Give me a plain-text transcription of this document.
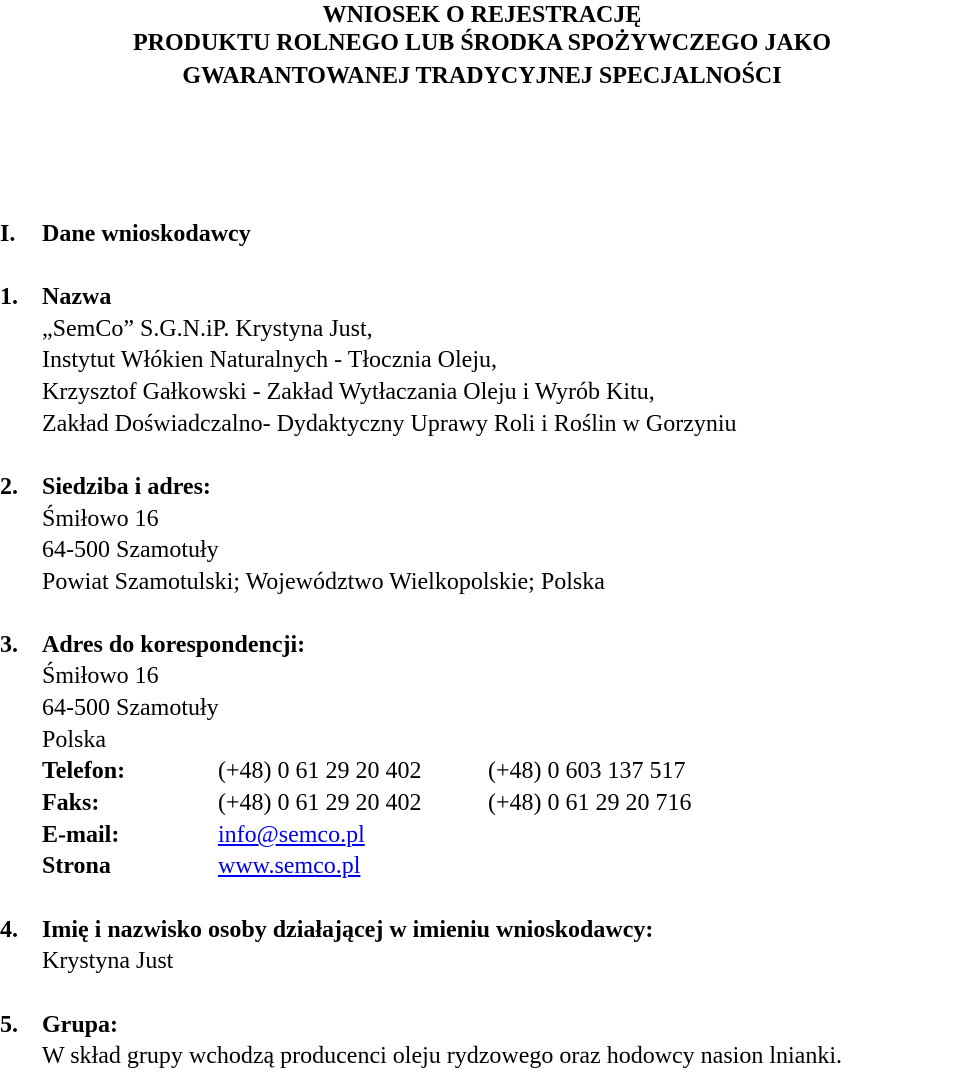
WNIOSEK O REJESTRACJĘ
PRODUKTU ROLNEGO LUB ŚRODKA SPOŻYWCZEGO JAKO
GWARANTOWANEJ TRADYCYJNEJ SPECJALNOŚCI
I. Dane wnioskodawcy
1. Nazwa
„SemCo” S.G.N.iP. Krystyna Just,
Instytut Włókien Naturalnych - Tłocznia Oleju,
Krzysztof Gałkowski - Zakład Wytłaczania Oleju i Wyrób Kitu,
Zakład Doświadczalno- Dydaktyczny Uprawy Roli i Roślin w Gorzyniu
2. Siedziba i adres:
Śmiłowo 16
64-500 Szamotuły
Powiat Szamotulski; Województwo Wielkopolskie; Polska
3. Adres do korespondencji:
Śmiłowo 16
64-500 Szamotuły
Polska
Telefon:	(+48) 0 61 29 20 402	(+48) 0 603 137 517
Faks:	(+48) 0 61 29 20 402	(+48) 0 61 29 20 716
E-mail:	info@semco.pl
Strona	www.semco.pl
4. Imię i nazwisko osoby działającej w imieniu wnioskodawcy:
Krystyna Just
5. Grupa:
W skład grupy wchodzą producenci oleju rydzowego oraz hodowcy nasion lnianki.
